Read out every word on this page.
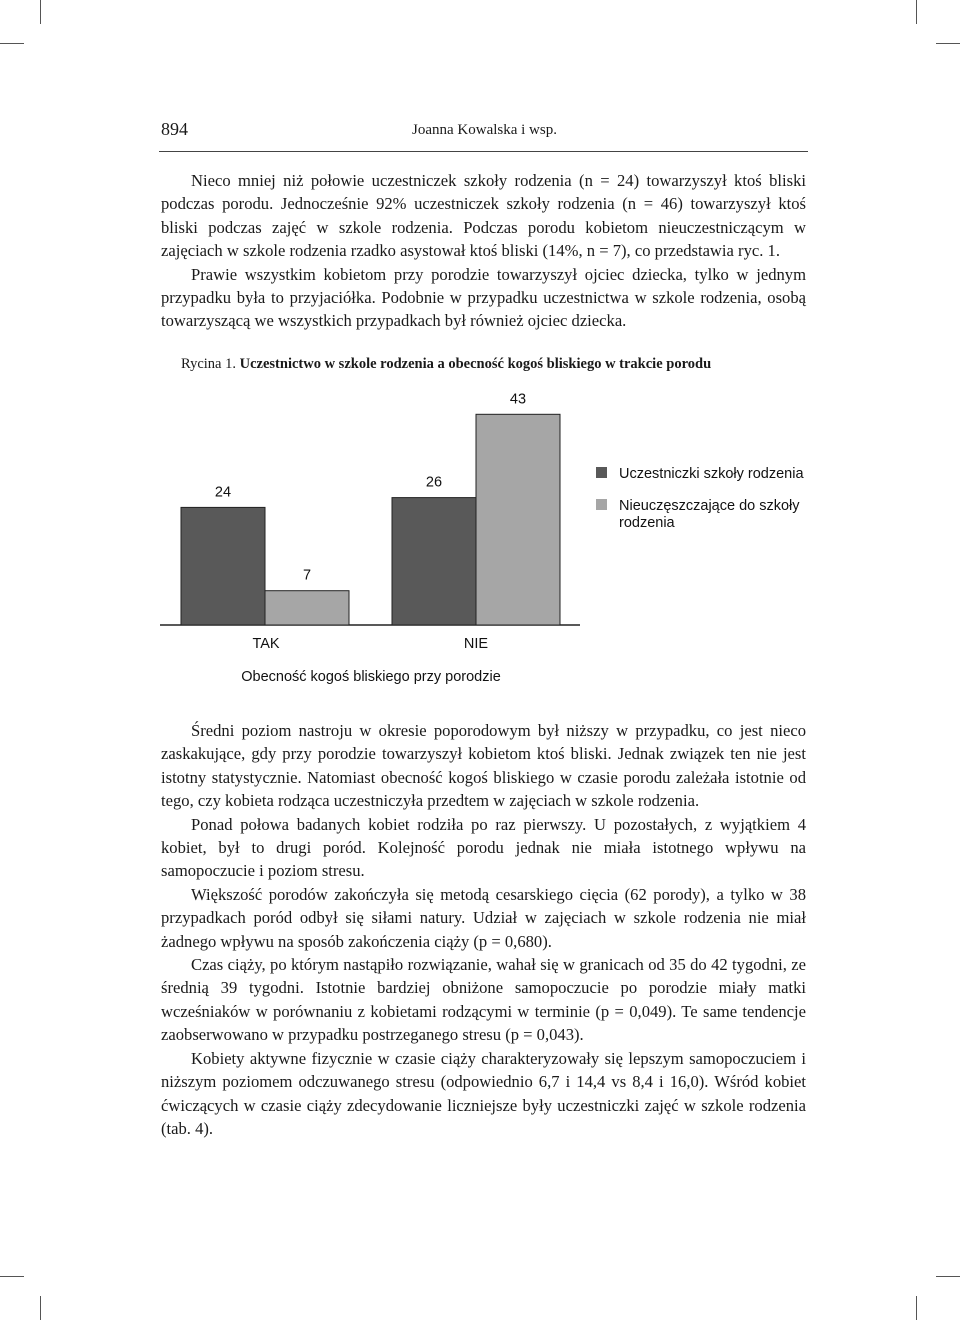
894	Joanna Kowalska i wsp.

Nieco mniej niż połowie uczestniczek szkoły rodzenia (n = 24) towarzyszył ktoś bliski podczas porodu. Jednocześnie 92% uczestniczek szkoły rodzenia (n = 46) towarzyszył ktoś bliski podczas zajęć w szkole rodzenia. Podczas porodu kobietom nieuczestniczącym w zajęciach w szkole rodzenia rzadko asystował ktoś bliski (14%, n = 7), co przedstawia ryc. 1.

Prawie wszystkim kobietom przy porodzie towarzyszył ojciec dziecka, tylko w jednym przypadku była to przyjaciółka. Podobnie w przypadku uczestnictwa w szkole rodzenia, osobą towarzyszącą we wszystkich przypadkach był również ojciec dziecka.

Rycina 1. Uczestnictwo w szkole rodzenia a obecność kogoś bliskiego w trakcie porodu
24
7
26
43
TAK	NIE
Obecność kogoś bliskiego przy porodzie
Uczestniczki szkoły rodzenia
Nieuczęszczające do szkoły rodzenia

Średni poziom nastroju w okresie poporodowym był niższy w przypadku, co jest nieco zaskakujące, gdy przy porodzie towarzyszył kobietom ktoś bliski. Jednak związek ten nie jest istotny statystycznie. Natomiast obecność kogoś bliskiego w czasie porodu zależała istotnie od tego, czy kobieta rodząca uczestniczyła przedtem w zajęciach w szkole rodzenia.

Ponad połowa badanych kobiet rodziła po raz pierwszy. U pozostałych, z wyjątkiem 4 kobiet, był to drugi poród. Kolejność porodu jednak nie miała istotnego wpływu na samopoczucie i poziom stresu.

Większość porodów zakończyła się metodą cesarskiego cięcia (62 porody), a tylko w 38 przypadkach poród odbył się siłami natury. Udział w zajęciach w szkole rodzenia nie miał żadnego wpływu na sposób zakończenia ciąży (p = 0,680).

Czas ciąży, po którym nastąpiło rozwiązanie, wahał się w granicach od 35 do 42 tygodni, ze średnią 39 tygodni. Istotnie bardziej obniżone samopoczucie po porodzie miały matki wcześniaków w porównaniu z kobietami rodzącymi w terminie (p = 0,049). Te same tendencje zaobserwowano w przypadku postrzeganego stresu (p = 0,043).

Kobiety aktywne fizycznie w czasie ciąży charakteryzowały się lepszym samopoczuciem i niższym poziomem odczuwanego stresu (odpowiednio 6,7 i 14,4 vs 8,4 i 16,0). Wśród kobiet ćwiczących w czasie ciąży zdecydowanie liczniejsze były uczestniczki zajęć w szkole rodzenia (tab. 4).
